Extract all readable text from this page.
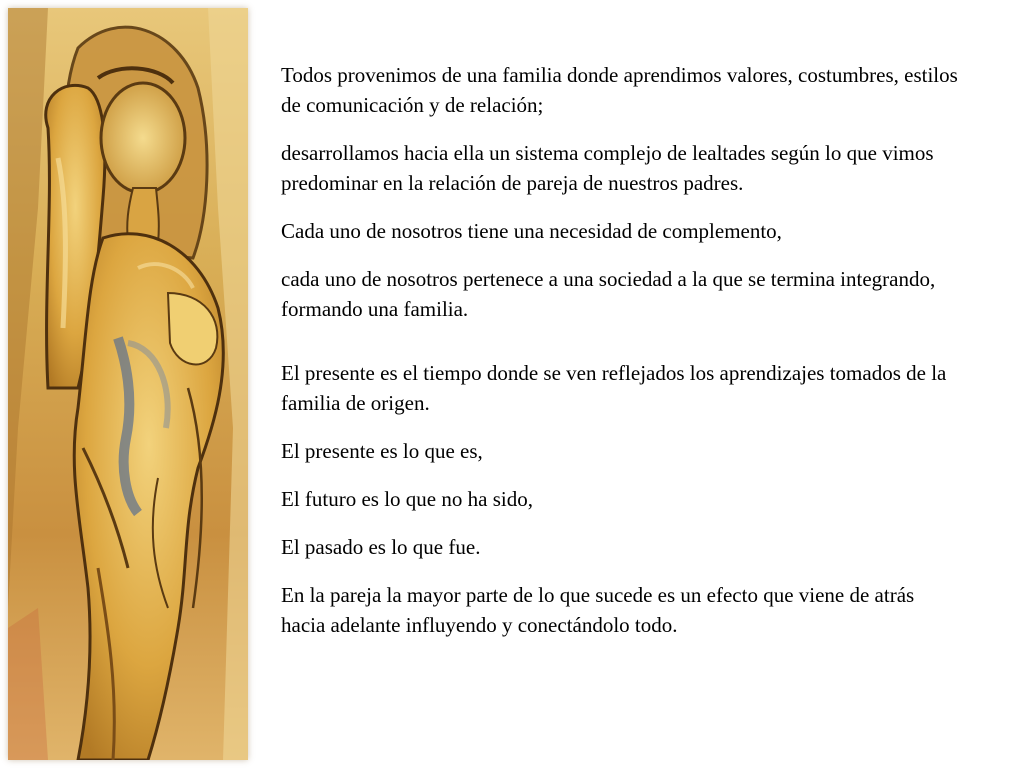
Todos provenimos de una familia donde aprendimos valores, costumbres, estilos de comunicación y de relación;

desarrollamos hacia ella un sistema complejo de lealtades según lo que vimos predominar en la relación de pareja de nuestros padres.

Cada uno de nosotros tiene una necesidad de complemento,

cada uno de nosotros pertenece a una sociedad a la que se termina integrando, formando una familia.

El presente es el tiempo donde se ven reflejados los aprendizajes tomados de la familia de origen.

El presente es lo que es,

El futuro es lo que no ha sido,

El pasado es lo que fue.

En la pareja la mayor parte de lo que sucede es un efecto que viene de atrás hacia adelante influyendo y conectándolo todo.
